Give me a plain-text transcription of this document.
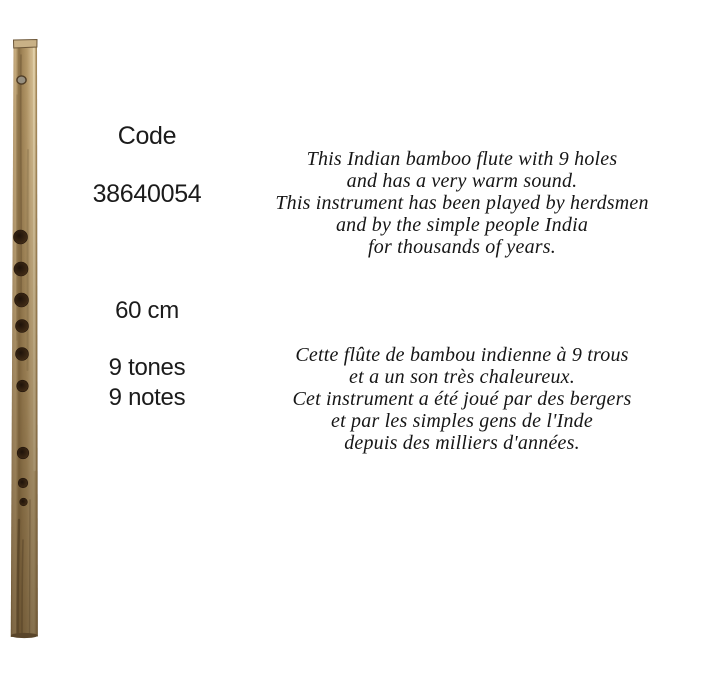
Code
38640054
60 cm
9 tones
9 notes
This Indian bamboo flute with 9 holes
and has a very warm sound.
This instrument has been played by herdsmen
and by the simple people India
for thousands of years.
Cette flûte de bambou indienne à 9 trous
et a un son très chaleureux.
Cet instrument a été joué par des bergers
et par les simples gens de l'Inde
depuis des milliers d'années.
